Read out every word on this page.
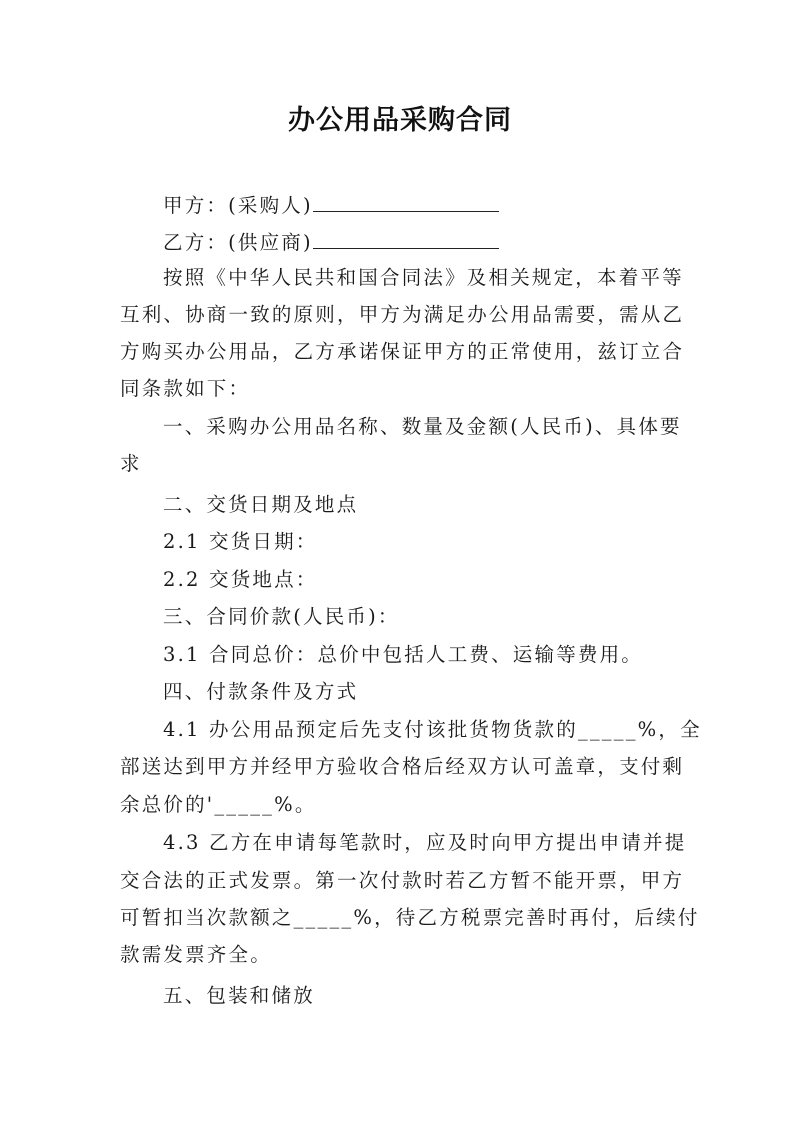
办公用品采购合同
甲方：(采购人)
乙方：(供应商)
按照《中华人民共和国合同法》及相关规定，本着平等
互利、协商一致的原则，甲方为满足办公用品需要，需从乙
方购买办公用品，乙方承诺保证甲方的正常使用，兹订立合
同条款如下：
一、采购办公用品名称、数量及金额(人民币)、具体要
求
二、交货日期及地点
2.1 交货日期：
2.2 交货地点：
三、合同价款(人民币)：
3.1 合同总价：总价中包括人工费、运输等费用。
四、付款条件及方式
4.1 办公用品预定后先支付该批货物货款的_____%，全
部送达到甲方并经甲方验收合格后经双方认可盖章，支付剩
余总价的'_____%。
4.3 乙方在申请每笔款时，应及时向甲方提出申请并提
交合法的正式发票。第一次付款时若乙方暂不能开票，甲方
可暂扣当次款额之_____%，待乙方税票完善时再付，后续付
款需发票齐全。
五、包装和储放
